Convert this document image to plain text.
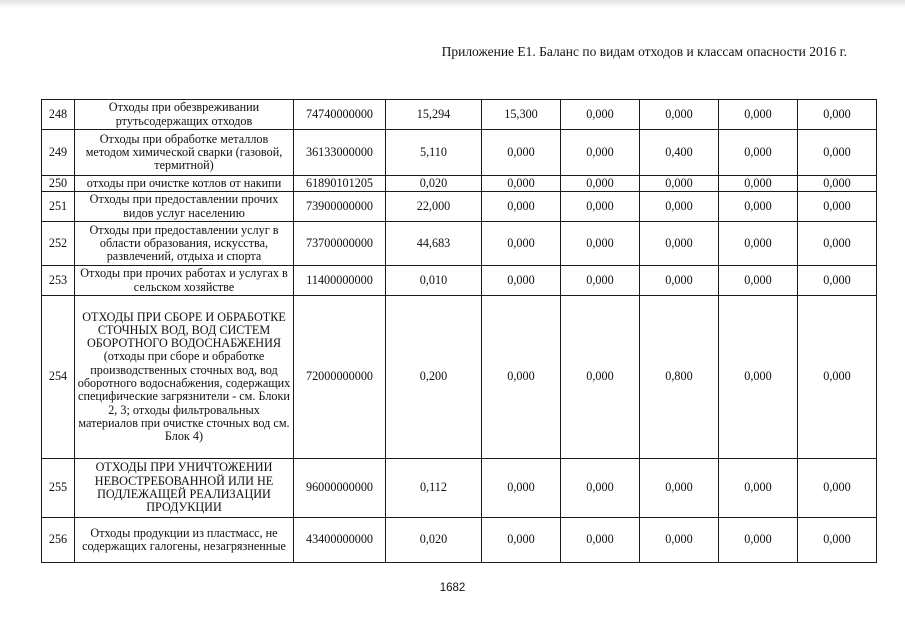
Приложение Е1. Баланс по видам отходов и классам опасности 2016 г.
248	Отходы при обезвреживании ртутьсодержащих отходов	74740000000	15,294	15,300	0,000	0,000	0,000	0,000
249	Отходы при обработке металлов методом химической сварки (газовой, термитной)	36133000000	5,110	0,000	0,000	0,400	0,000	0,000
250	отходы при очистке котлов от накипи	61890101205	0,020	0,000	0,000	0,000	0,000	0,000
251	Отходы при предоставлении прочих видов услуг населению	73900000000	22,000	0,000	0,000	0,000	0,000	0,000
252	Отходы при предоставлении услуг в области образования, искусства, развлечений, отдыха и спорта	73700000000	44,683	0,000	0,000	0,000	0,000	0,000
253	Отходы при прочих работах и услугах в сельском хозяйстве	11400000000	0,010	0,000	0,000	0,000	0,000	0,000
254	ОТХОДЫ ПРИ СБОРЕ И ОБРАБОТКЕ СТОЧНЫХ ВОД, ВОД СИСТЕМ ОБОРОТНОГО ВОДОСНАБЖЕНИЯ (отходы при сборе и обработке производственных сточных вод, вод оборотного водоснабжения, содержащих специфические загрязнители - см. Блоки 2, 3; отходы фильтровальных материалов при очистке сточных вод см. Блок 4)	72000000000	0,200	0,000	0,000	0,800	0,000	0,000
255	ОТХОДЫ ПРИ УНИЧТОЖЕНИИ НЕВОСТРЕБОВАННОЙ ИЛИ НЕ ПОДЛЕЖАЩЕЙ РЕАЛИЗАЦИИ ПРОДУКЦИИ	96000000000	0,112	0,000	0,000	0,000	0,000	0,000
256	Отходы продукции из пластмасс, не содержащих галогены, незагрязненные	43400000000	0,020	0,000	0,000	0,000	0,000	0,000
1682
